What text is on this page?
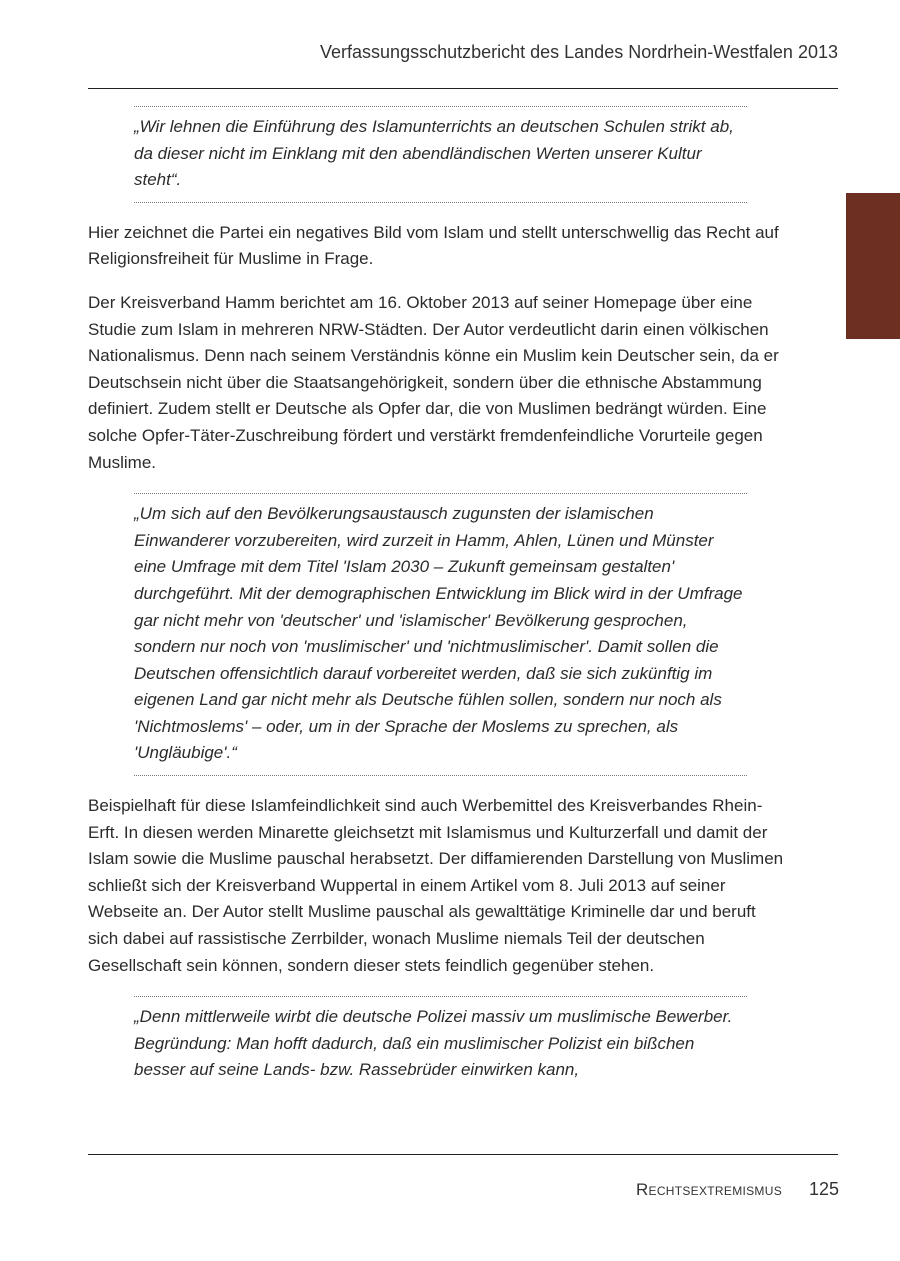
Verfassungsschutzbericht des Landes Nordrhein-Westfalen 2013

„Wir lehnen die Einführung des Islamunterrichts an deutschen Schulen strikt ab, da dieser nicht im Einklang mit den abendländischen Werten unserer Kultur steht“.

Hier zeichnet die Partei ein negatives Bild vom Islam und stellt unterschwellig das Recht auf Religionsfreiheit für Muslime in Frage.

Der Kreisverband Hamm berichtet am 16. Oktober 2013 auf seiner Homepage über eine Studie zum Islam in mehreren NRW-Städten. Der Autor verdeutlicht darin einen völkischen Nationalismus. Denn nach seinem Verständnis könne ein Muslim kein Deutscher sein, da er Deutschsein nicht über die Staatsangehörigkeit, sondern über die ethnische Abstammung definiert. Zudem stellt er Deutsche als Opfer dar, die von Muslimen bedrängt würden. Eine solche Opfer-Täter-Zuschreibung fördert und verstärkt fremdenfeindliche Vorurteile gegen Muslime.

„Um sich auf den Bevölkerungsaustausch zugunsten der islamischen Einwanderer vorzubereiten, wird zurzeit in Hamm, Ahlen, Lünen und Münster eine Umfrage mit dem Titel 'Islam 2030 – Zukunft gemeinsam gestalten' durchgeführt. Mit der demographischen Entwicklung im Blick wird in der Umfrage gar nicht mehr von 'deutscher' und 'islamischer' Bevölkerung gesprochen, sondern nur noch von 'muslimischer' und 'nichtmuslimischer'. Damit sollen die Deutschen offensichtlich darauf vorbereitet werden, daß sie sich zukünftig im eigenen Land gar nicht mehr als Deutsche fühlen sollen, sondern nur noch als 'Nichtmoslems' – oder, um in der Sprache der Moslems zu sprechen, als 'Ungläubige'.“

Beispielhaft für diese Islamfeindlichkeit sind auch Werbemittel des Kreisverbandes Rhein-Erft. In diesen werden Minarette gleichsetzt mit Islamismus und Kulturzerfall und damit der Islam sowie die Muslime pauschal herabsetzt. Der diffamierenden Darstellung von Muslimen schließt sich der Kreisverband Wuppertal in einem Artikel vom 8. Juli 2013 auf seiner Webseite an. Der Autor stellt Muslime pauschal als gewalttätige Kriminelle dar und beruft sich dabei auf rassistische Zerrbilder, wonach Muslime niemals Teil der deutschen Gesellschaft sein können, sondern dieser stets feindlich gegenüber stehen.

„Denn mittlerweile wirbt die deutsche Polizei massiv um muslimische Bewerber. Begründung: Man hofft dadurch, daß ein muslimischer Polizist ein bißchen besser auf seine Lands- bzw. Rassebrüder einwirken kann,

Rechtsextremismus 125
